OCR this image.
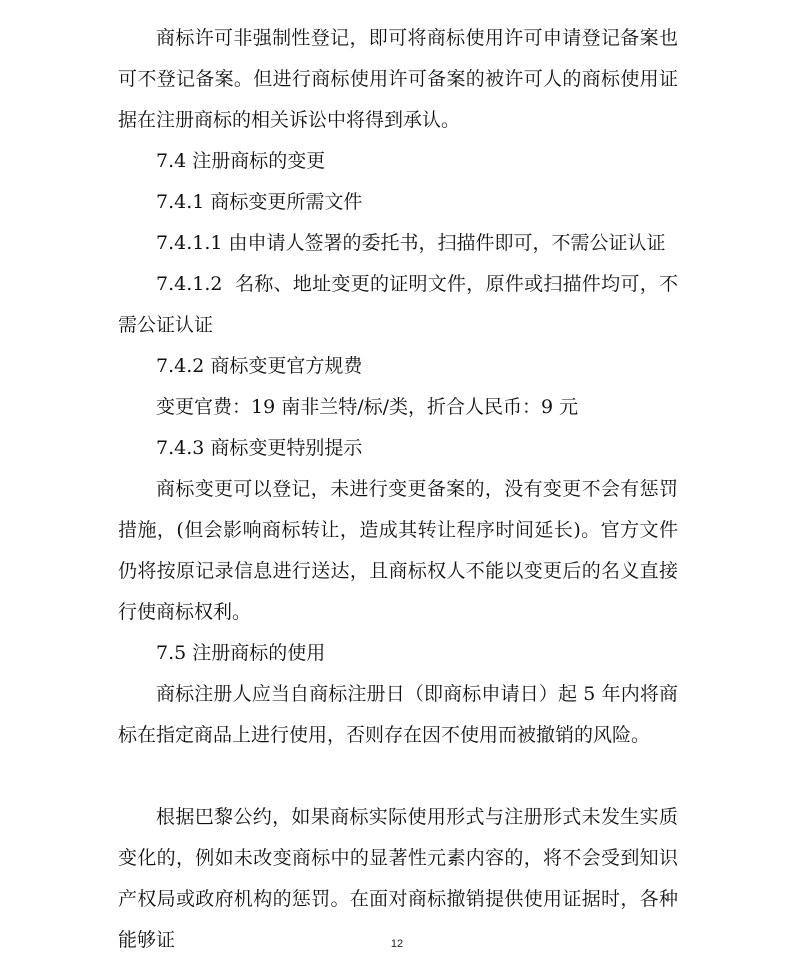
商标许可非强制性登记，即可将商标使用许可申请登记备案也可不登记备案。但进行商标使用许可备案的被许可人的商标使用证据在注册商标的相关诉讼中将得到承认。
7.4 注册商标的变更
7.4.1 商标变更所需文件
7.4.1.1 由申请人签署的委托书，扫描件即可，不需公证认证
7.4.1.2  名称、地址变更的证明文件，原件或扫描件均可，不需公证认证
7.4.2 商标变更官方规费
变更官费：19 南非兰特/标/类，折合人民币：9 元
7.4.3 商标变更特别提示
商标变更可以登记，未进行变更备案的，没有变更不会有惩罚措施，(但会影响商标转让，造成其转让程序时间延长)。官方文件仍将按原记录信息进行送达，且商标权人不能以变更后的名义直接行使商标权利。
7.5 注册商标的使用
商标注册人应当自商标注册日（即商标申请日）起 5 年内将商标在指定商品上进行使用，否则存在因不使用而被撤销的风险。
根据巴黎公约，如果商标实际使用形式与注册形式未发生实质变化的，例如未改变商标中的显著性元素内容的，将不会受到知识产权局或政府机构的惩罚。在面对商标撤销提供使用证据时，各种能够证	12
